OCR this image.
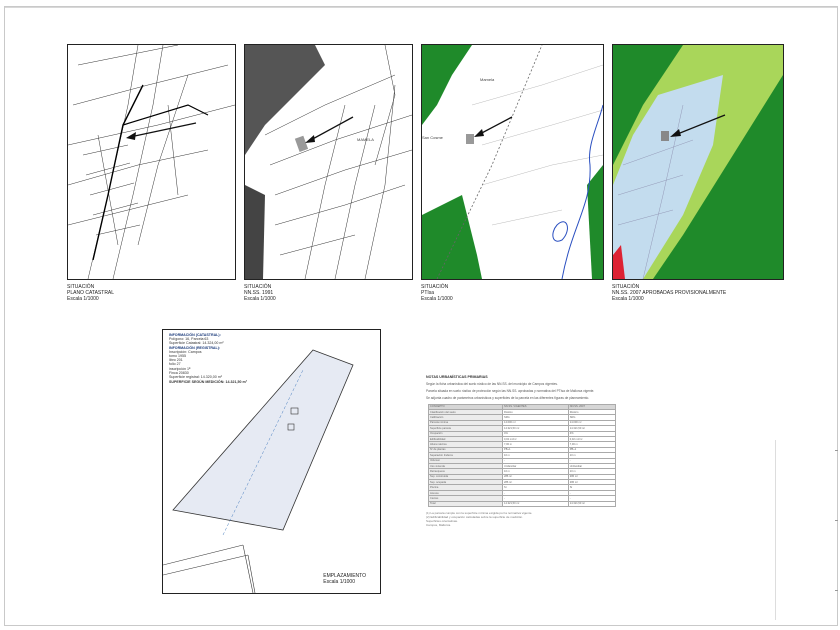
MAMELA
Mamela
San Cosme
SITUACIÓN
PLANO CATASTRAL
Escala 1/1000
SITUACIÓN
NN.SS. 1991
Escala 1/1000
SITUACIÓN
PTIsa
Escala 1/1000
SITUACIÓN
NN.SS. 2007 APROBADAS PROVISIONALMENTE
Escala 1/1000
INFORMACIÓN (CATASTRAL):
Polígono: 16, Parcela:63
Superficie Catastral: 14.324,00 m²
INFORMACIÓN (REGISTRAL):
Inscripción: Campos
tomo 1955
libro 201
folio 27
inscripción 1ª
Finca 20830
Superficie registral: 14.320,00 m²
SUPERFICIE SEGÚN MEDICIÓN: 14.321,50 m²
EMPLAZAMIENTO
Escala 1/1000
NOTAS URBANÍSTICAS PRIMARIAS
Según la ficha urbanística del suelo rústico de las NN.SS. del municipio de Campos vigentes.
Parcela situada en suelo rústico de protección según las NN.SS. aprobadas y normativa del PTIsa de Mallorca vigente.
Se adjunta cuadro de parámetros urbanísticos y superficies de la parcela en las diferentes figuras de planeamiento.
CONCEPTO	NN.SS. VIGENTES	NN.SS. 2007
Clasificación del suelo	Rústico	Rústico
Calificación	SRG	SRG
Parcela mínima	14.000 m²	14.000 m²
Superficie parcela	14.321,50 m²	14.321,50 m²
Ocupación	4%	4%
Edificabilidad	0,02 m²/m²	0,02 m²/m²
Altura máxima	7,00 m	7,00 m
Nº de plantas	PB+1	PB+1
Separación linderos	10 m	10 m
Volumen	-	-
Uso vivienda	Unifamiliar	Unifamiliar
Retranqueos	10 m	10 m
Sup. construida	286 m²	286 m²
Sup. ocupada	286 m²	286 m²
Piscina	Sí	Sí
Anexos	-	-
Cierres	-	-
Total	14.321,50 m²	14.321,50 m²
(1) La parcela cumple con la superficie mínima exigida por la normativa vigente.
(2) Edificabilidad y ocupación calculadas sobre la superficie de medición.
Superficies orientativas.
Campos, Mallorca.
